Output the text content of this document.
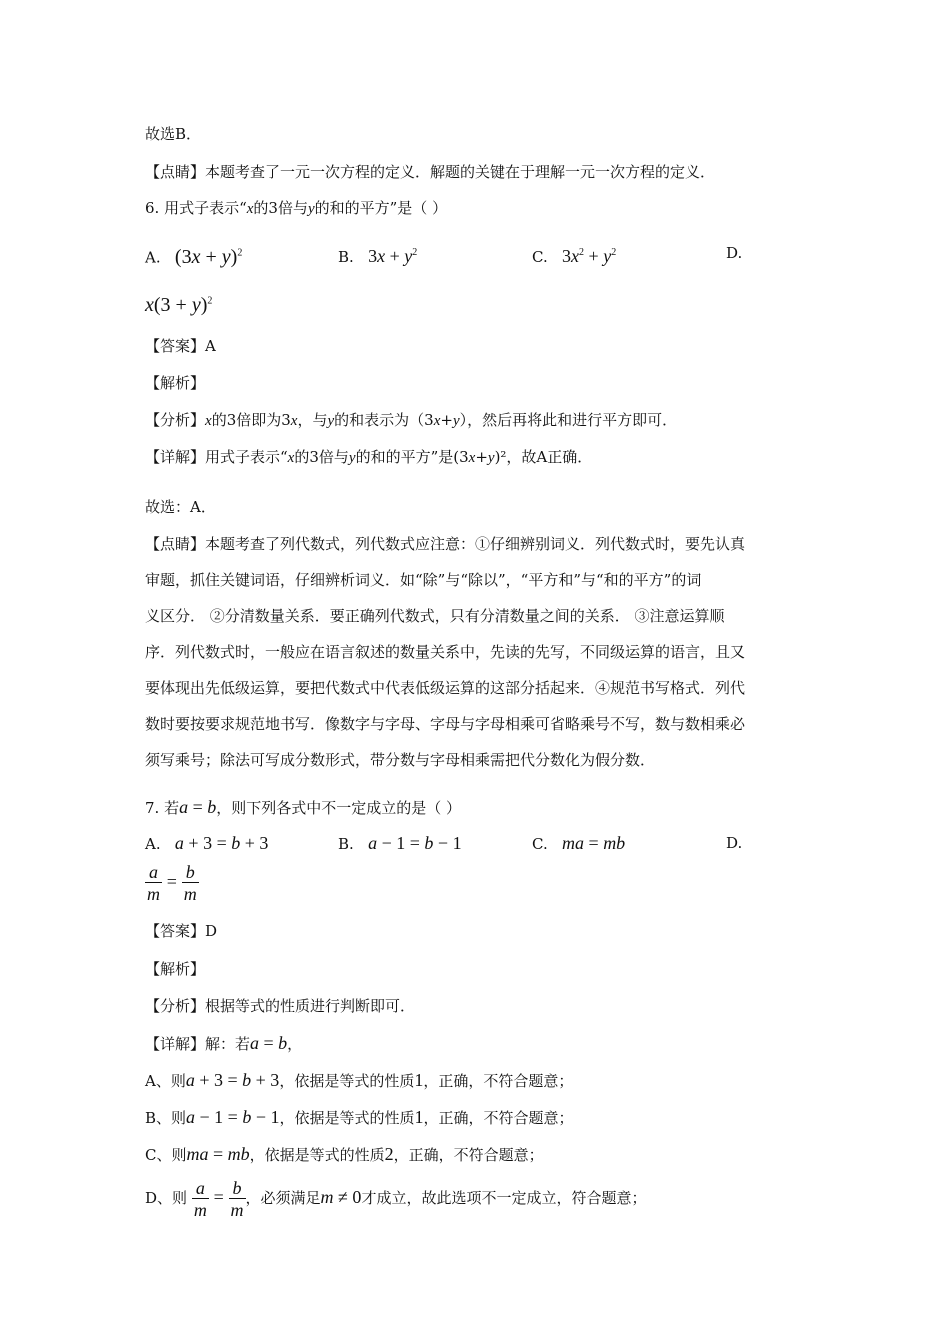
故选B．
【点睛】本题考查了一元一次方程的定义．解题的关键在于理解一元一次方程的定义．
6. 用式子表示“x的3倍与y的和的平方”是（ ）
A. $(3x + y)^2$	B. $3x + y^2$	C. $3x^2 + y^2$	D.
$x(3 + y)^2$
【答案】A
【解析】
【分析】x的3倍即为3x，与y的和表示为（3x+y），然后再将此和进行平方即可．
【详解】用式子表示“x的3倍与y的和的平方”是(3x+y)²，故A正确．
故选：A．
【点睛】本题考查了列代数式，列代数式应注意：①仔细辨别词义．列代数式时，要先认真
审题，抓住关键词语，仔细辨析词义．如“除”与“除以”，“平方和”与“和的平方”的词
义区分． ②分清数量关系．要正确列代数式，只有分清数量之间的关系． ③注意运算顺
序．列代数式时，一般应在语言叙述的数量关系中，先读的先写，不同级运算的语言，且又
要体现出先低级运算，要把代数式中代表低级运算的这部分括起来．④规范书写格式．列代
数时要按要求规范地书写．像数字与字母、字母与字母相乘可省略乘号不写，数与数相乘必
须写乘号；除法可写成分数形式，带分数与字母相乘需把代分数化为假分数．
7. 若a = b，则下列各式中不一定成立的是（ ）
A. a + 3 = b + 3	B. a − 1 = b − 1	C. ma = mb	D.
$\frac{a}{m} = \frac{b}{m}$
【答案】D
【解析】
【分析】根据等式的性质进行判断即可．
【详解】解：若a = b，
A、则a + 3 = b + 3，依据是等式的性质1，正确，不符合题意；
B、则a − 1 = b − 1，依据是等式的性质1，正确，不符合题意；
C、则ma = mb，依据是等式的性质2，正确，不符合题意；
D、则 $\frac{a}{m} = \frac{b}{m}$ ，必须满足m ≠ 0才成立，故此选项不一定成立，符合题意；
